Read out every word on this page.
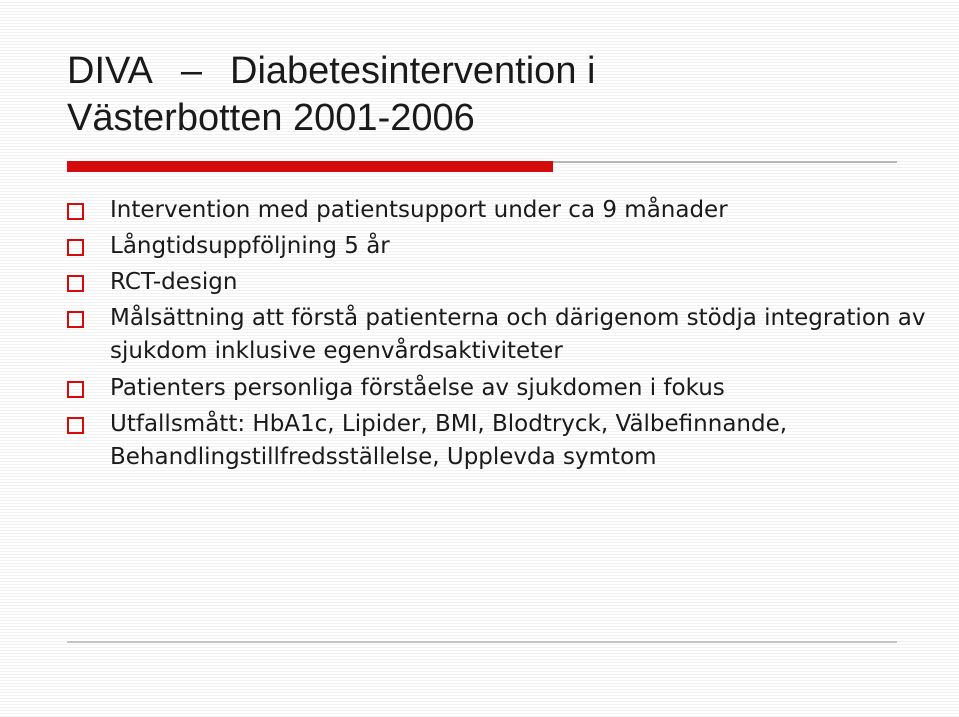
DIVA – Diabetesintervention i
Västerbotten 2001-2006
Intervention med patientsupport under ca 9 månader
Långtidsuppföljning 5 år
RCT-design
Målsättning att förstå patienterna och därigenom stödja integration av sjukdom inklusive egenvårdsaktiviteter
Patienters personliga förståelse av sjukdomen i fokus
Utfallsmått: HbA1c, Lipider, BMI, Blodtryck, Välbefinnande, Behandlingstillfredsställelse, Upplevda symtom
